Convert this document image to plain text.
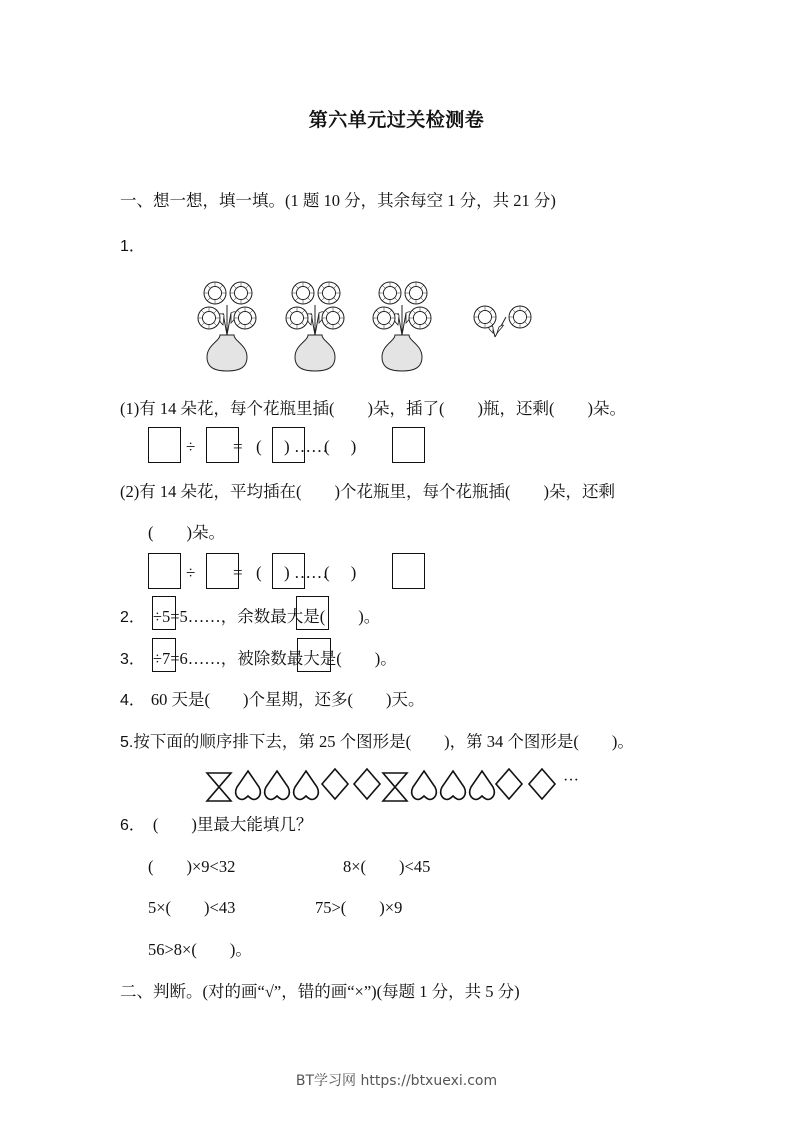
第六单元过关检测卷
一、想一想，填一填。(1 题 10 分，其余每空 1 分，共 21 分)
1．
(1)有 14 朵花，每个花瓶里插(　　)朵，插了(　　)瓶，还剩(　　)朵。
÷ = ( ) ……
(　)
(2)有 14 朵花，平均插在(　　)个花瓶里，每个花瓶插(　　)朵，还剩
(　　)朵。
÷ = ( ) ……
(　)
2． ÷5=5……，余数最大是(　　)。
3． ÷7=6……，被除数最大是(　　)。
4． 60 天是(　　)个星期，还多(　　)天。
5.按下面的顺序排下去，第 25 个图形是(　　)，第 34 个图形是(　　)。
···
6． (　　)里最大能填几？
(　　)×9<32	8×(　　)<45
5×(　　)<43	75>(　　)×9
56>8×(　　)。
二、判断。(对的画“√”，错的画“×”)(每题 1 分，共 5 分)
BT学习网 https://btxuexi.com
